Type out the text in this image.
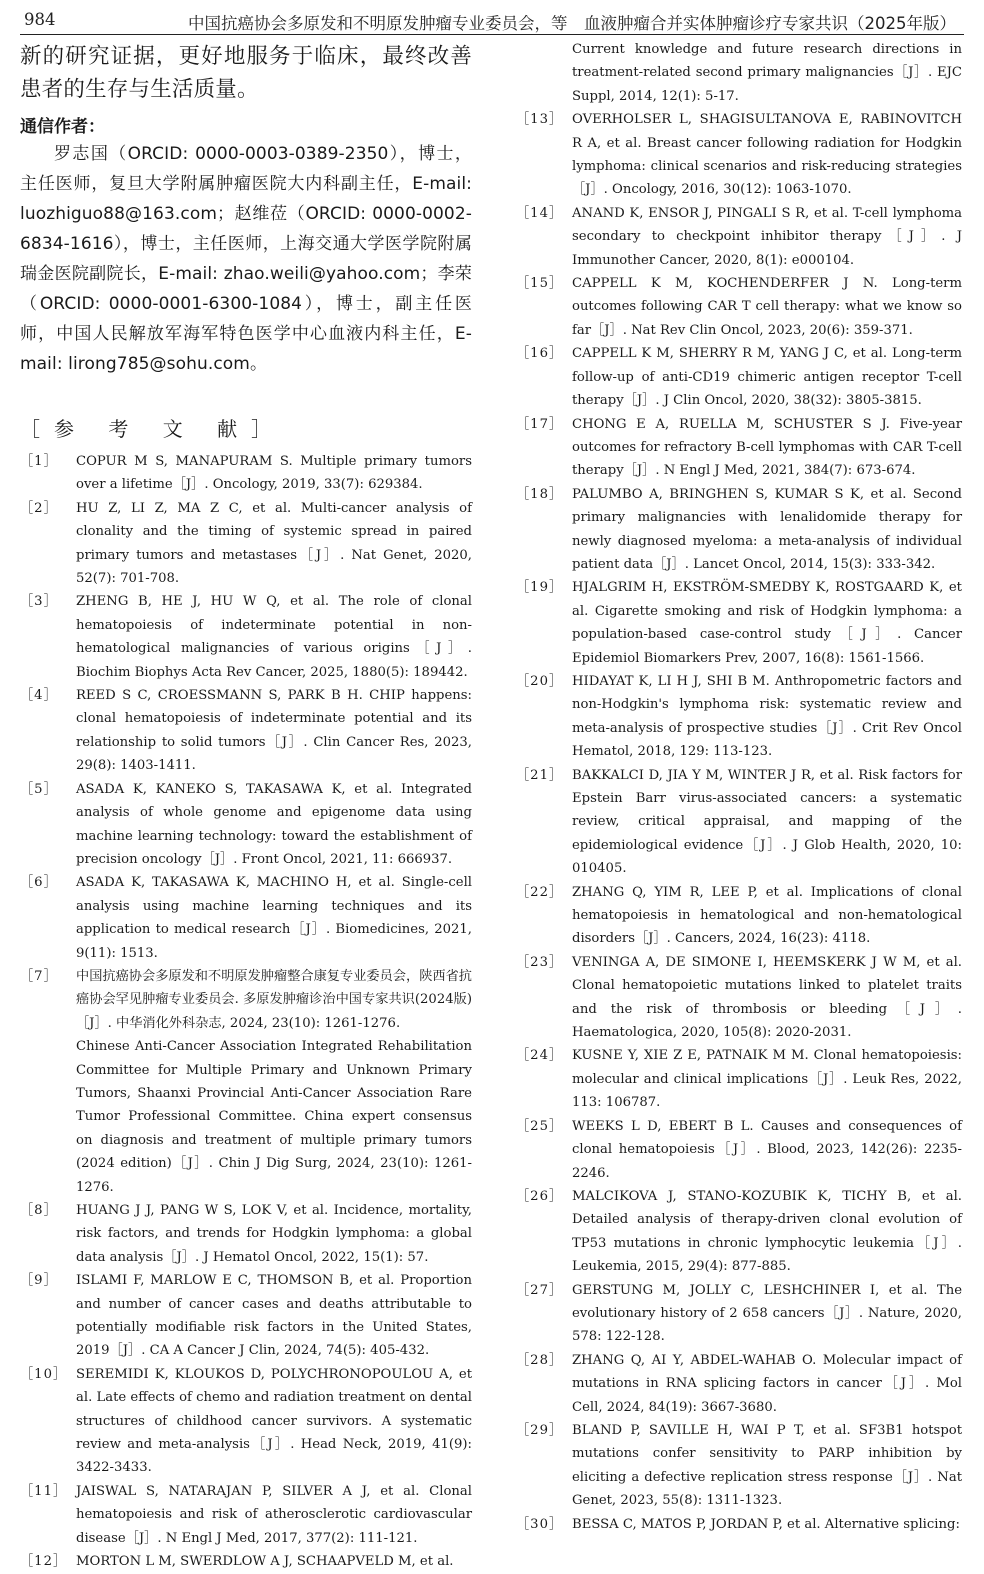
984	中国抗癌协会多原发和不明原发肿瘤专业委员会，等　血液肿瘤合并实体肿瘤诊疗专家共识（2025年版）

新的研究证据，更好地服务于临床，最终改善患者的生存与生活质量。

通信作者：

罗志国（ORCID: 0000-0003-0389-2350），博士，主任医师，复旦大学附属肿瘤医院大内科副主任，E-mail: luozhiguo88@163.com；赵维莅（ORCID: 0000-0002-6834-1616），博士，主任医师，上海交通大学医学院附属瑞金医院副院长，E-mail: zhao.weili@yahoo.com；李荣（ORCID: 0000-0001-6300-1084），博士，副主任医师，中国人民解放军海军特色医学中心血液内科主任，E-mail: lirong785@sohu.com。

［参 考 文 献］
［1］	COPUR M S, MANAPURAM S. Multiple primary tumors over a lifetime［J］. Oncology, 2019, 33(7): 629384.
［2］	HU Z, LI Z, MA Z C, et al. Multi-cancer analysis of clonality and the timing of systemic spread in paired primary tumors and metastases［J］. Nat Genet, 2020, 52(7): 701-708.
［3］	ZHENG B, HE J, HU W Q, et al. The role of clonal hematopoiesis of indeterminate potential in non-hematological malignancies of various origins［J］. Biochim Biophys Acta Rev Cancer, 2025, 1880(5): 189442.
［4］	REED S C, CROESSMANN S, PARK B H. CHIP happens: clonal hematopoiesis of indeterminate potential and its relationship to solid tumors［J］. Clin Cancer Res, 2023, 29(8): 1403-1411.
［5］	ASADA K, KANEKO S, TAKASAWA K, et al. Integrated analysis of whole genome and epigenome data using machine learning technology: toward the establishment of precision oncology［J］. Front Oncol, 2021, 11: 666937.
［6］	ASADA K, TAKASAWA K, MACHINO H, et al. Single-cell analysis using machine learning techniques and its application to medical research［J］. Biomedicines, 2021, 9(11): 1513.
［7］	中国抗癌协会多原发和不明原发肿瘤整合康复专业委员会，陕西省抗癌协会罕见肿瘤专业委员会. 多原发肿瘤诊治中国专家共识(2024版)［J］. 中华消化外科杂志, 2024, 23(10): 1261-1276.
Chinese Anti-Cancer Association Integrated Rehabilitation Committee for Multiple Primary and Unknown Primary Tumors, Shaanxi Provincial Anti-Cancer Association Rare Tumor Professional Committee. China expert consensus on diagnosis and treatment of multiple primary tumors (2024 edition)［J］. Chin J Dig Surg, 2024, 23(10): 1261-1276.
［8］	HUANG J J, PANG W S, LOK V, et al. Incidence, mortality, risk factors, and trends for Hodgkin lymphoma: a global data analysis［J］. J Hematol Oncol, 2022, 15(1): 57.
［9］	ISLAMI F, MARLOW E C, THOMSON B, et al. Proportion and number of cancer cases and deaths attributable to potentially modifiable risk factors in the United States, 2019［J］. CA A Cancer J Clin, 2024, 74(5): 405-432.
［10］ SEREMIDI K, KLOUKOS D, POLYCHRONOPOULOU A, et al. Late effects of chemo and radiation treatment on dental structures of childhood cancer survivors. A systematic review and meta-analysis［J］. Head Neck, 2019, 41(9): 3422-3433.
［11］ JAISWAL S, NATARAJAN P, SILVER A J, et al. Clonal hematopoiesis and risk of atherosclerotic cardiovascular disease［J］. N Engl J Med, 2017, 377(2): 111-121.
［12］ MORTON L M, SWERDLOW A J, SCHAAPVELD M, et al.
Current knowledge and future research directions in treatment-related second primary malignancies［J］. EJC Suppl, 2014, 12(1): 5-17.
［13］ OVERHOLSER L, SHAGISULTANOVA E, RABINOVITCH R A, et al. Breast cancer following radiation for Hodgkin lymphoma: clinical scenarios and risk-reducing strategies［J］. Oncology, 2016, 30(12): 1063-1070.
［14］ ANAND K, ENSOR J, PINGALI S R, et al. T-cell lymphoma secondary to checkpoint inhibitor therapy［J］. J Immunother Cancer, 2020, 8(1): e000104.
［15］ CAPPELL K M, KOCHENDERFER J N. Long-term outcomes following CAR T cell therapy: what we know so far［J］. Nat Rev Clin Oncol, 2023, 20(6): 359-371.
［16］ CAPPELL K M, SHERRY R M, YANG J C, et al. Long-term follow-up of anti-CD19 chimeric antigen receptor T-cell therapy［J］. J Clin Oncol, 2020, 38(32): 3805-3815.
［17］ CHONG E A, RUELLA M, SCHUSTER S J. Five-year outcomes for refractory B-cell lymphomas with CAR T-cell therapy［J］. N Engl J Med, 2021, 384(7): 673-674.
［18］ PALUMBO A, BRINGHEN S, KUMAR S K, et al. Second primary malignancies with lenalidomide therapy for newly diagnosed myeloma: a meta-analysis of individual patient data［J］. Lancet Oncol, 2014, 15(3): 333-342.
［19］ HJALGRIM H, EKSTRÖM-SMEDBY K, ROSTGAARD K, et al. Cigarette smoking and risk of Hodgkin lymphoma: a population-based case-control study［J］. Cancer Epidemiol Biomarkers Prev, 2007, 16(8): 1561-1566.
［20］ HIDAYAT K, LI H J, SHI B M. Anthropometric factors and non-Hodgkin's lymphoma risk: systematic review and meta-analysis of prospective studies［J］. Crit Rev Oncol Hematol, 2018, 129: 113-123.
［21］ BAKKALCI D, JIA Y M, WINTER J R, et al. Risk factors for Epstein Barr virus-associated cancers: a systematic review, critical appraisal, and mapping of the epidemiological evidence［J］. J Glob Health, 2020, 10: 010405.
［22］ ZHANG Q, YIM R, LEE P, et al. Implications of clonal hematopoiesis in hematological and non-hematological disorders［J］. Cancers, 2024, 16(23): 4118.
［23］ VENINGA A, DE SIMONE I, HEEMSKERK J W M, et al. Clonal hematopoietic mutations linked to platelet traits and the risk of thrombosis or bleeding［J］. Haematologica, 2020, 105(8): 2020-2031.
［24］ KUSNE Y, XIE Z E, PATNAIK M M. Clonal hematopoiesis: molecular and clinical implications［J］. Leuk Res, 2022, 113: 106787.
［25］ WEEKS L D, EBERT B L. Causes and consequences of clonal hematopoiesis［J］. Blood, 2023, 142(26): 2235-2246.
［26］ MALCIKOVA J, STANO-KOZUBIK K, TICHY B, et al. Detailed analysis of therapy-driven clonal evolution of TP53 mutations in chronic lymphocytic leukemia［J］. Leukemia, 2015, 29(4): 877-885.
［27］ GERSTUNG M, JOLLY C, LESHCHINER I, et al. The evolutionary history of 2 658 cancers［J］. Nature, 2020, 578: 122-128.
［28］ ZHANG Q, AI Y, ABDEL-WAHAB O. Molecular impact of mutations in RNA splicing factors in cancer［J］. Mol Cell, 2024, 84(19): 3667-3680.
［29］ BLAND P, SAVILLE H, WAI P T, et al. SF3B1 hotspot mutations confer sensitivity to PARP inhibition by eliciting a defective replication stress response［J］. Nat Genet, 2023, 55(8): 1311-1323.
［30］ BESSA C, MATOS P, JORDAN P, et al. Alternative splicing:
